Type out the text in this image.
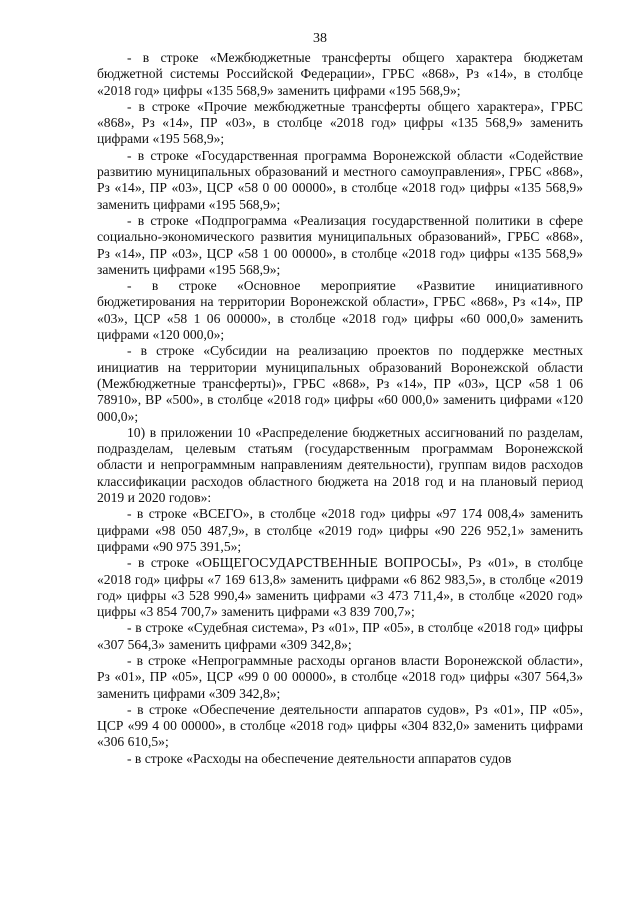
38

- в строке «Межбюджетные трансферты общего характера бюджетам бюджетной системы Российской Федерации», ГРБС «868», Рз «14», в столбце «2018 год» цифры «135 568,9» заменить цифрами «195 568,9»;

- в строке «Прочие межбюджетные трансферты общего характера», ГРБС «868», Рз «14», ПР «03», в столбце «2018 год» цифры «135 568,9» заменить цифрами «195 568,9»;

- в строке «Государственная программа Воронежской области «Содействие развитию муниципальных образований и местного самоуправления», ГРБС «868», Рз «14», ПР «03», ЦСР «58 0 00 00000», в столбце «2018 год» цифры «135 568,9» заменить цифрами «195 568,9»;

- в строке «Подпрограмма «Реализация государственной политики в сфере социально-экономического развития муниципальных образований», ГРБС «868», Рз «14», ПР «03», ЦСР «58 1 00 00000», в столбце «2018 год» цифры «135 568,9» заменить цифрами «195 568,9»;

- в строке «Основное мероприятие «Развитие инициативного бюджетирования на территории Воронежской области», ГРБС «868», Рз «14», ПР «03», ЦСР «58 1 06 00000», в столбце «2018 год» цифры «60 000,0» заменить цифрами «120 000,0»;

- в строке «Субсидии на реализацию проектов по поддержке местных инициатив на территории муниципальных образований Воронежской области (Межбюджетные трансферты)», ГРБС «868», Рз «14», ПР «03», ЦСР «58 1 06 78910», ВР «500», в столбце «2018 год» цифры «60 000,0» заменить цифрами «120 000,0»;

10) в приложении 10 «Распределение бюджетных ассигнований по разделам, подразделам, целевым статьям (государственным программам Воронежской области и непрограммным направлениям деятельности), группам видов расходов классификации расходов областного бюджета на 2018 год и на плановый период 2019 и 2020 годов»:

- в строке «ВСЕГО», в столбце «2018 год» цифры «97 174 008,4» заменить цифрами «98 050 487,9», в столбце «2019 год» цифры «90 226 952,1» заменить цифрами «90 975 391,5»;

- в строке «ОБЩЕГОСУДАРСТВЕННЫЕ ВОПРОСЫ», Рз «01», в столбце «2018 год» цифры «7 169 613,8» заменить цифрами «6 862 983,5», в столбце «2019 год» цифры «3 528 990,4» заменить цифрами «3 473 711,4», в столбце «2020 год» цифры «3 854 700,7» заменить цифрами «3 839 700,7»;

- в строке «Судебная система», Рз «01», ПР «05», в столбце «2018 год» цифры «307 564,3» заменить цифрами «309 342,8»;

- в строке «Непрограммные расходы органов власти Воронежской области», Рз «01», ПР «05», ЦСР «99 0 00 00000», в столбце «2018 год» цифры «307 564,3» заменить цифрами «309 342,8»;

- в строке «Обеспечение деятельности аппаратов судов», Рз «01», ПР «05», ЦСР «99 4 00 00000», в столбце «2018 год» цифры «304 832,0» заменить цифрами «306 610,5»;

- в строке «Расходы на обеспечение деятельности аппаратов судов
